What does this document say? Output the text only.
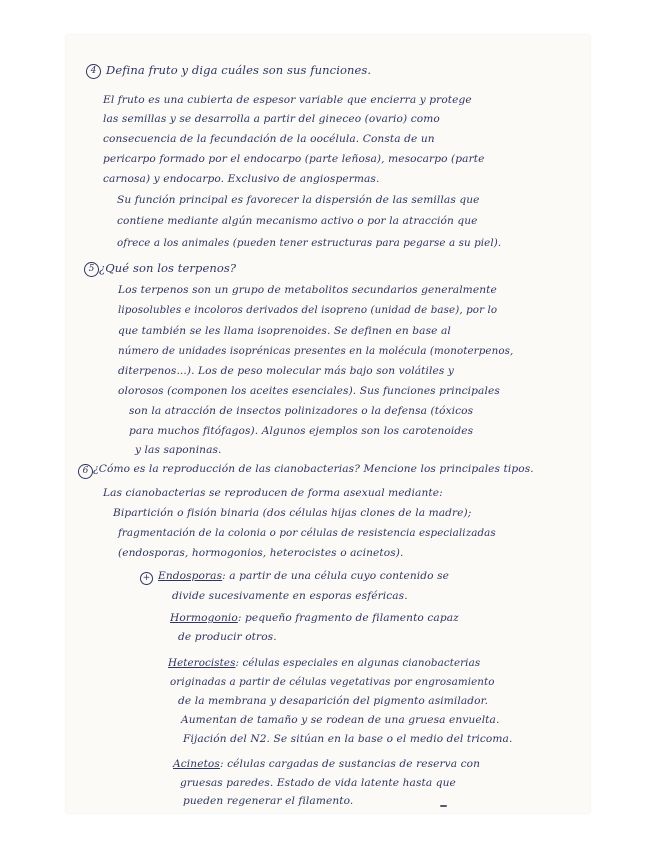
4 Defina fruto y diga cuáles son sus funciones.

El fruto es una cubierta de espesor variable que encierra y protege

las semillas y se desarrolla a partir del gineceo (ovario) como

consecuencia de la fecundación de la oocélula. Consta de un

pericarpo formado por el endocarpo (parte leñosa), mesocarpo (parte

carnosa) y endocarpo. Exclusivo de angiospermas.

Su función principal es favorecer la dispersión de las semillas que

contiene mediante algún mecanismo activo o por la atracción que

ofrece a los animales (pueden tener estructuras para pegarse a su piel).

5 ¿Qué son los terpenos?

Los terpenos son un grupo de metabolitos secundarios generalmente

liposolubles e incoloros derivados del isopreno (unidad de base), por lo

que también se les llama isoprenoides. Se definen en base al

número de unidades isoprénicas presentes en la molécula (monoterpenos,

diterpenos...). Los de peso molecular más bajo son volátiles y

olorosos (componen los aceites esenciales). Sus funciones principales

son la atracción de insectos polinizadores o la defensa (tóxicos

para muchos fitófagos). Algunos ejemplos son los carotenoides

y las saponinas.

6 ¿Cómo es la reproducción de las cianobacterias? Mencione los principales tipos.

Las cianobacterias se reproducen de forma asexual mediante:

Bipartición o fisión binaria (dos células hijas clones de la madre);

fragmentación de la colonia o por células de resistencia especializadas

(endosporas, hormogonios, heterocistes o acinetos).

+ Endosporas: a partir de una célula cuyo contenido se

divide sucesivamente en esporas esféricas.

Hormogonio: pequeño fragmento de filamento capaz

de producir otros.

Heterocistes: células especiales en algunas cianobacterias

originadas a partir de células vegetativas por engrosamiento

de la membrana y desaparición del pigmento asimilador.

Aumentan de tamaño y se rodean de una gruesa envuelta.

Fijación del N2. Se sitúan en la base o el medio del tricoma.

Acinetos: células cargadas de sustancias de reserva con

gruesas paredes. Estado de vida latente hasta que

pueden regenerar el filamento.
